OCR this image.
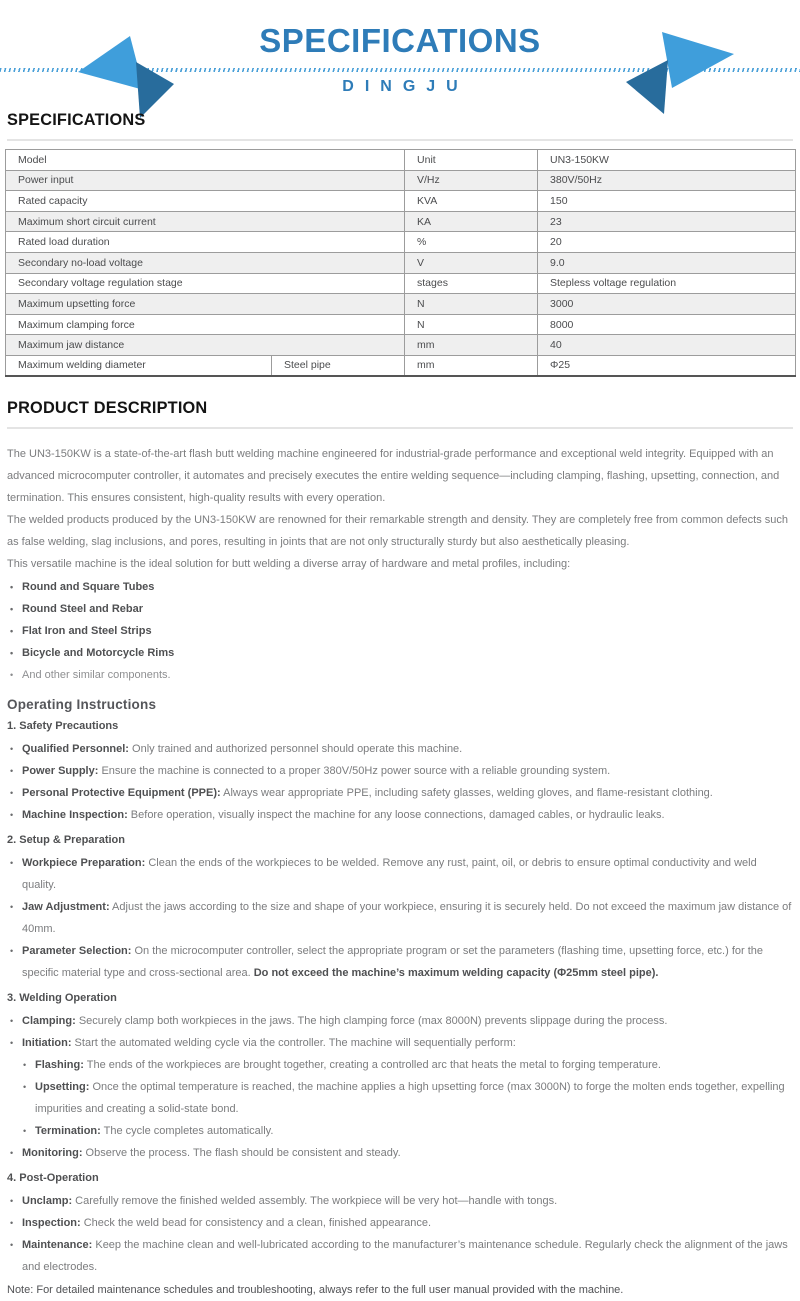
SPECIFICATIONS
DINGJU
SPECIFICATIONS
Model		Unit	UN3-150KW
Power input		V/Hz	380V/50Hz
Rated capacity		KVA	150
Maximum short circuit current		KA	23
Rated load duration		%	20
Secondary no-load voltage		V	9.0
Secondary voltage regulation stage		stages	Stepless voltage regulation
Maximum upsetting force		N	3000
Maximum clamping force		N	8000
Maximum jaw distance		mm	40
Maximum welding diameter	Steel pipe	mm	Φ25
PRODUCT DESCRIPTION

The UN3-150KW is a state-of-the-art flash butt welding machine engineered for industrial-grade performance and exceptional weld integrity. Equipped with an advanced microcomputer controller, it automates and precisely executes the entire welding sequence—including clamping, flashing, upsetting, connection, and termination. This ensures consistent, high-quality results with every operation.

The welded products produced by the UN3-150KW are renowned for their remarkable strength and density. They are completely free from common defects such as false welding, slag inclusions, and pores, resulting in joints that are not only structurally sturdy but also aesthetically pleasing.

This versatile machine is the ideal solution for butt welding a diverse array of hardware and metal profiles, including:

• Round and Square Tubes
• Round Steel and Rebar
• Flat Iron and Steel Strips
• Bicycle and Motorcycle Rims
• And other similar components.
Operating Instructions
1. Safety Precautions
• Qualified Personnel: Only trained and authorized personnel should operate this machine.
• Power Supply: Ensure the machine is connected to a proper 380V/50Hz power source with a reliable grounding system.
• Personal Protective Equipment (PPE): Always wear appropriate PPE, including safety glasses, welding gloves, and flame-resistant clothing.
• Machine Inspection: Before operation, visually inspect the machine for any loose connections, damaged cables, or hydraulic leaks.
2. Setup & Preparation
• Workpiece Preparation: Clean the ends of the workpieces to be welded. Remove any rust, paint, oil, or debris to ensure optimal conductivity and weld quality.
• Jaw Adjustment: Adjust the jaws according to the size and shape of your workpiece, ensuring it is securely held. Do not exceed the maximum jaw distance of 40mm.
• Parameter Selection: On the microcomputer controller, select the appropriate program or set the parameters (flashing time, upsetting force, etc.) for the specific material type and cross-sectional area. Do not exceed the machine’s maximum welding capacity (Φ25mm steel pipe).
3. Welding Operation
• Clamping: Securely clamp both workpieces in the jaws. The high clamping force (max 8000N) prevents slippage during the process.
• Initiation: Start the automated welding cycle via the controller. The machine will sequentially perform:
• Flashing: The ends of the workpieces are brought together, creating a controlled arc that heats the metal to forging temperature.
• Upsetting: Once the optimal temperature is reached, the machine applies a high upsetting force (max 3000N) to forge the molten ends together, expelling impurities and creating a solid-state bond.
• Termination: The cycle completes automatically.
• Monitoring: Observe the process. The flash should be consistent and steady.
4. Post-Operation
• Unclamp: Carefully remove the finished welded assembly. The workpiece will be very hot—handle with tongs.
• Inspection: Check the weld bead for consistency and a clean, finished appearance.
• Maintenance: Keep the machine clean and well-lubricated according to the manufacturer’s maintenance schedule. Regularly check the alignment of the jaws and electrodes.

Note: For detailed maintenance schedules and troubleshooting, always refer to the full user manual provided with the machine.
